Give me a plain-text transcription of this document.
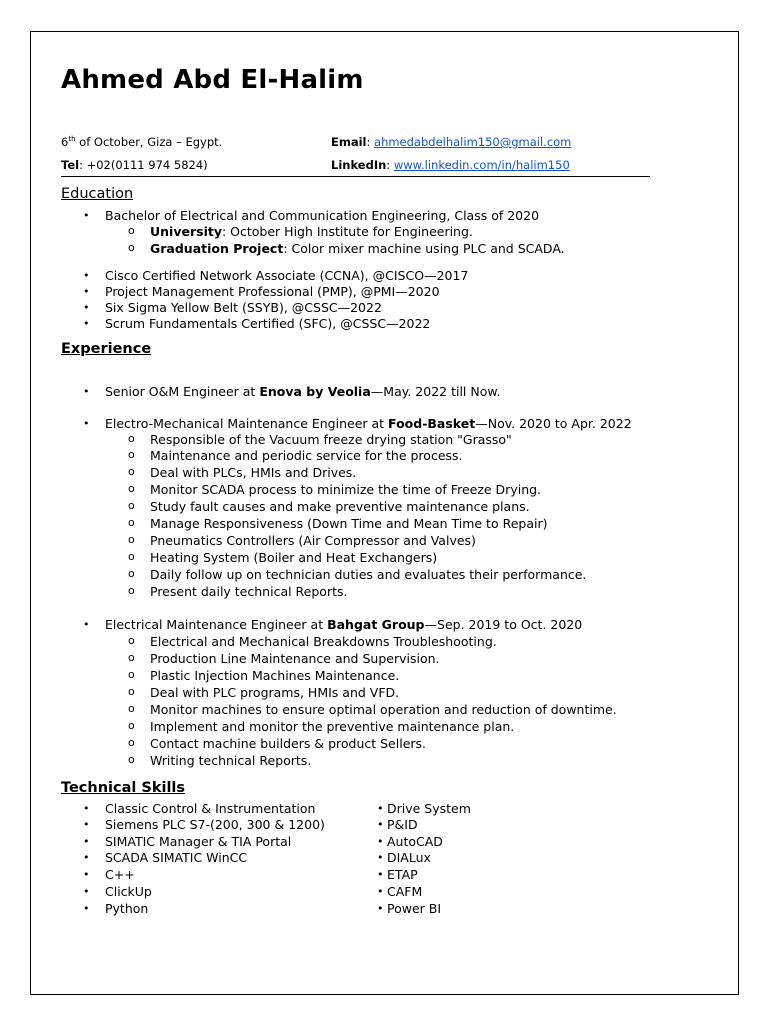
Ahmed Abd El-Halim
6th of October, Giza – Egypt.	Email: ahmedabdelhalim150@gmail.com
Tel: +02(0111 974 5824)	LinkedIn: www.linkedin.com/in/halim150
Education
• Bachelor of Electrical and Communication Engineering, Class of 2020
o University: October High Institute for Engineering.
o Graduation Project: Color mixer machine using PLC and SCADA.
• Cisco Certified Network Associate (CCNA), @CISCO—2017
• Project Management Professional (PMP), @PMI—2020
• Six Sigma Yellow Belt (SSYB), @CSSC—2022
• Scrum Fundamentals Certified (SFC), @CSSC—2022
Experience
• Senior O&M Engineer at Enova by Veolia—May. 2022 till Now.
• Electro-Mechanical Maintenance Engineer at Food-Basket—Nov. 2020 to Apr. 2022
o Responsible of the Vacuum freeze drying station "Grasso"
o Maintenance and periodic service for the process.
o Deal with PLCs, HMIs and Drives.
o Monitor SCADA process to minimize the time of Freeze Drying.
o Study fault causes and make preventive maintenance plans.
o Manage Responsiveness (Down Time and Mean Time to Repair)
o Pneumatics Controllers (Air Compressor and Valves)
o Heating System (Boiler and Heat Exchangers)
o Daily follow up on technician duties and evaluates their performance.
o Present daily technical Reports.
• Electrical Maintenance Engineer at Bahgat Group—Sep. 2019 to Oct. 2020
o Electrical and Mechanical Breakdowns Troubleshooting.
o Production Line Maintenance and Supervision.
o Plastic Injection Machines Maintenance.
o Deal with PLC programs, HMIs and VFD.
o Monitor machines to ensure optimal operation and reduction of downtime.
o Implement and monitor the preventive maintenance plan.
o Contact machine builders & product Sellers.
o Writing technical Reports.
Technical Skills
• Classic Control & Instrumentation
• Siemens PLC S7-(200, 300 & 1200)
• SIMATIC Manager & TIA Portal
• SCADA SIMATIC WinCC
• C++
• ClickUp
• Python
• Drive System
• P&ID
• AutoCAD
• DIALux
• ETAP
• CAFM
• Power BI
